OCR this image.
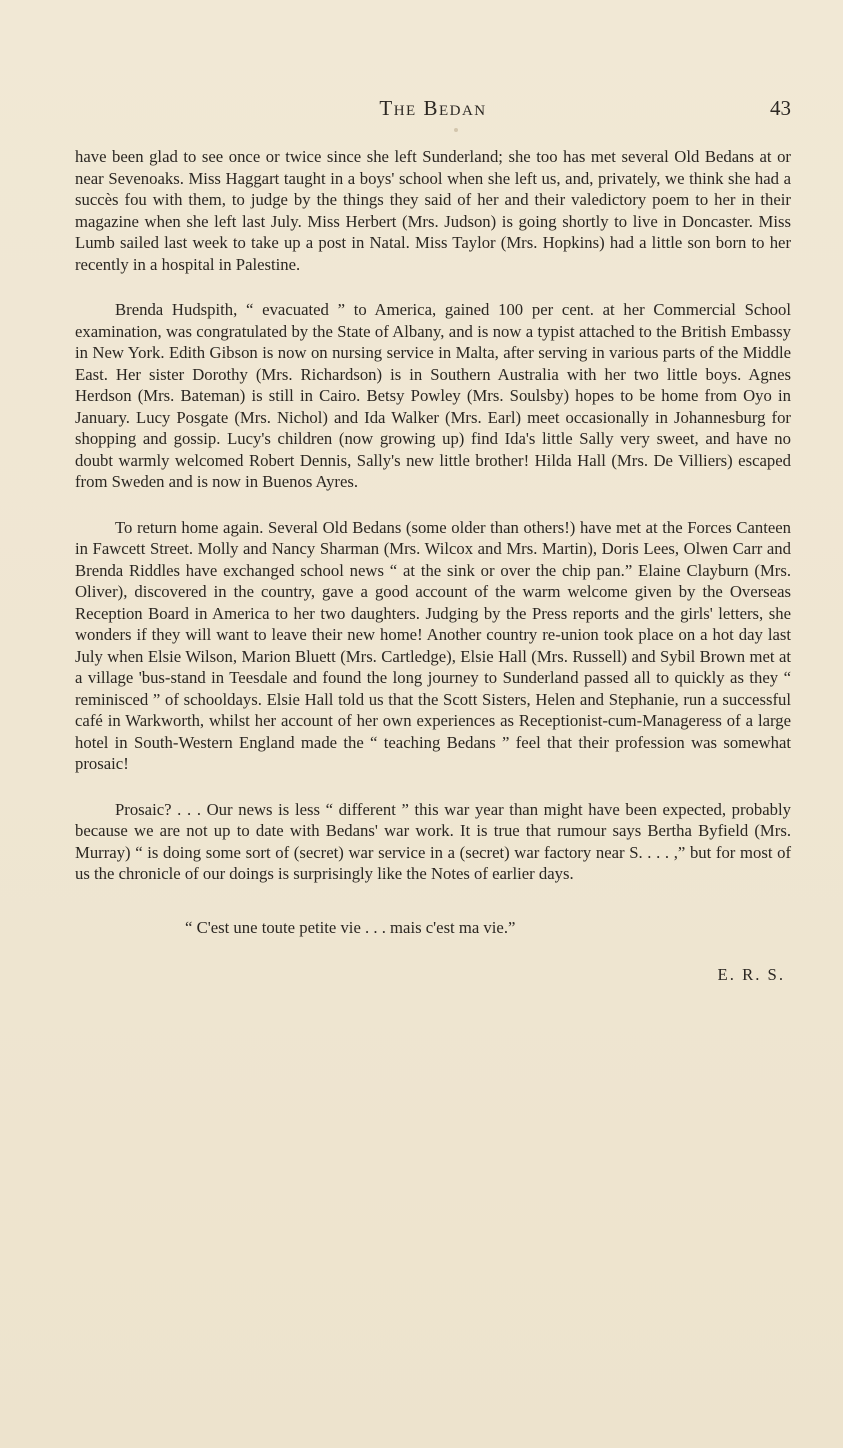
The Bedan	43

have been glad to see once or twice since she left Sunderland; she too has met several Old Bedans at or near Sevenoaks. Miss Haggart taught in a boys' school when she left us, and, privately, we think she had a succès fou with them, to judge by the things they said of her and their valedictory poem to her in their magazine when she left last July. Miss Herbert (Mrs. Judson) is going shortly to live in Doncaster. Miss Lumb sailed last week to take up a post in Natal. Miss Taylor (Mrs. Hopkins) had a little son born to her recently in a hospital in Palestine.

Brenda Hudspith, “ evacuated ” to America, gained 100 per cent. at her Commercial School examination, was congratulated by the State of Albany, and is now a typist attached to the British Embassy in New York. Edith Gibson is now on nursing service in Malta, after serving in various parts of the Middle East. Her sister Dorothy (Mrs. Richardson) is in Southern Australia with her two little boys. Agnes Herdson (Mrs. Bateman) is still in Cairo. Betsy Powley (Mrs. Soulsby) hopes to be home from Oyo in January. Lucy Posgate (Mrs. Nichol) and Ida Walker (Mrs. Earl) meet occasionally in Johannesburg for shopping and gossip. Lucy's children (now growing up) find Ida's little Sally very sweet, and have no doubt warmly welcomed Robert Dennis, Sally's new little brother! Hilda Hall (Mrs. De Villiers) escaped from Sweden and is now in Buenos Ayres.

To return home again. Several Old Bedans (some older than others!) have met at the Forces Canteen in Fawcett Street. Molly and Nancy Sharman (Mrs. Wilcox and Mrs. Martin), Doris Lees, Olwen Carr and Brenda Riddles have exchanged school news “ at the sink or over the chip pan.” Elaine Clayburn (Mrs. Oliver), discovered in the country, gave a good account of the warm welcome given by the Overseas Reception Board in America to her two daughters. Judging by the Press reports and the girls' letters, she wonders if they will want to leave their new home! Another country re-union took place on a hot day last July when Elsie Wilson, Marion Bluett (Mrs. Cartledge), Elsie Hall (Mrs. Russell) and Sybil Brown met at a village 'bus-stand in Teesdale and found the long journey to Sunderland passed all to quickly as they “ reminisced ” of schooldays. Elsie Hall told us that the Scott Sisters, Helen and Stephanie, run a successful café in Warkworth, whilst her account of her own experiences as Receptionist-cum-Manageress of a large hotel in South-Western England made the “ teaching Bedans ” feel that their profession was somewhat prosaic!

Prosaic? . . . Our news is less “ different ” this war year than might have been expected, probably because we are not up to date with Bedans' war work. It is true that rumour says Bertha Byfield (Mrs. Murray) “ is doing some sort of (secret) war service in a (secret) war factory near S. . . . ,” but for most of us the chronicle of our doings is surprisingly like the Notes of earlier days.

“ C'est une toute petite vie . . . mais c'est ma vie.”

E. R. S.
